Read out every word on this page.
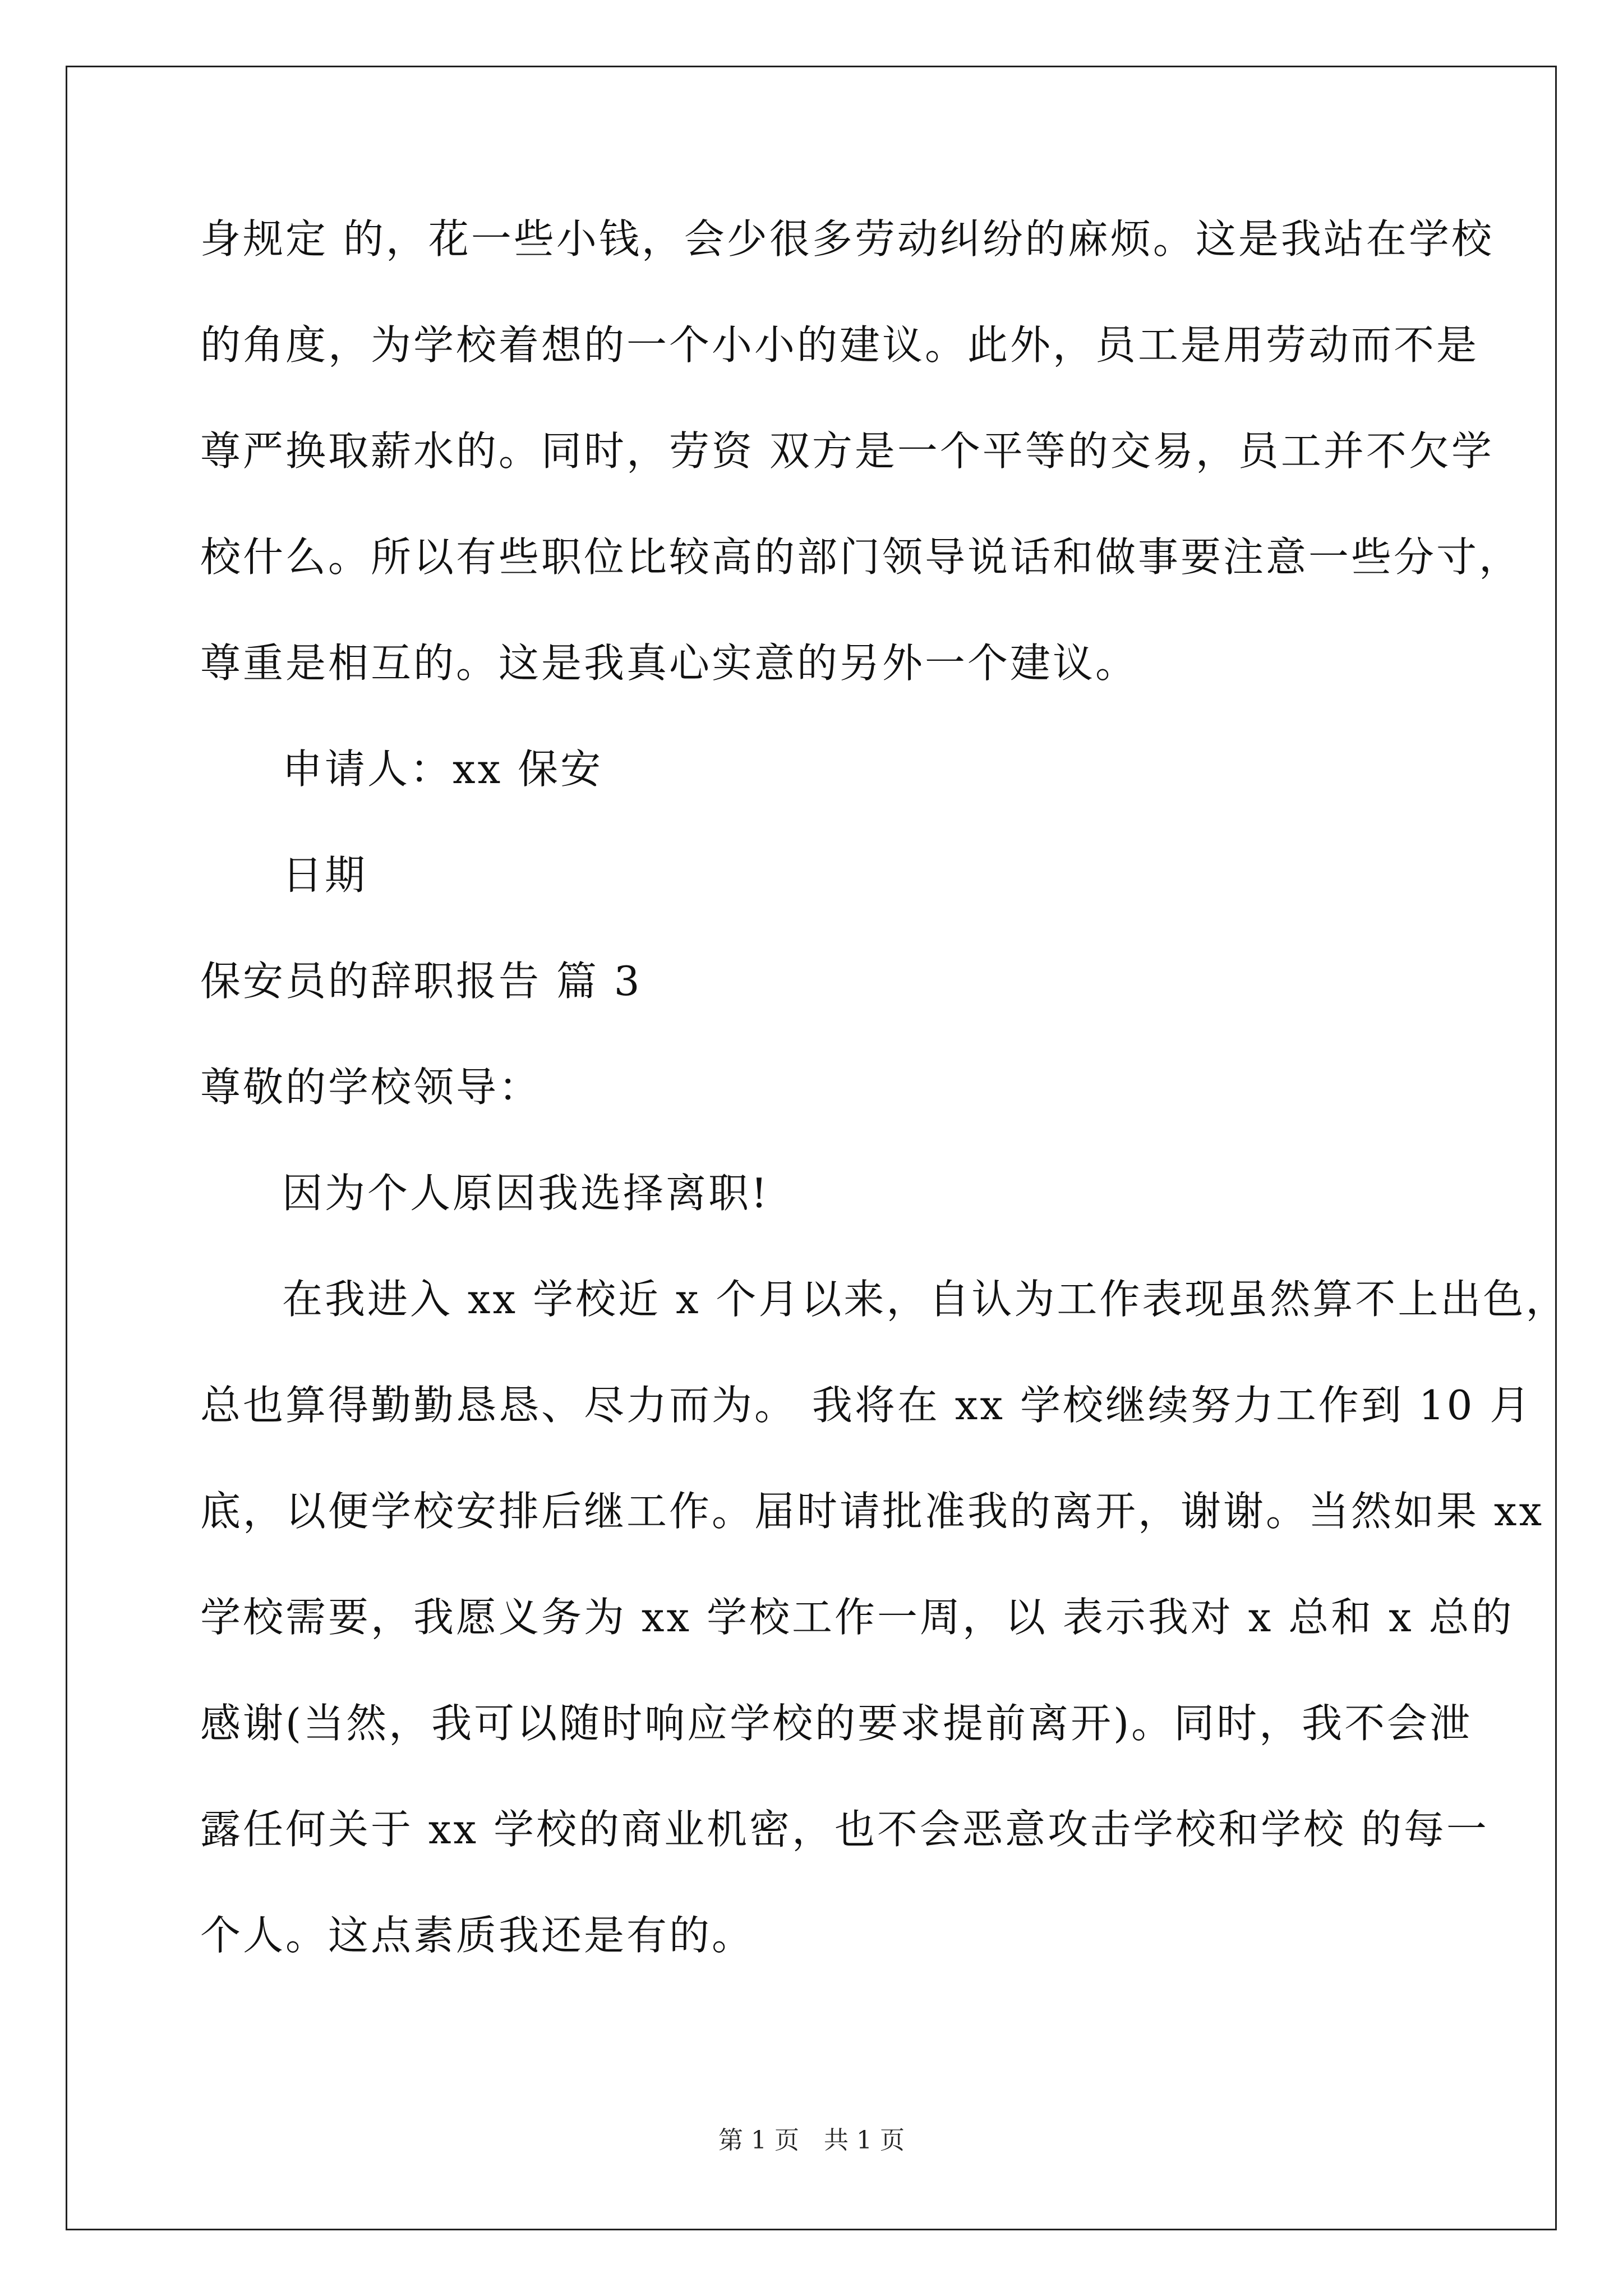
身规定 的，花一些小钱，会少很多劳动纠纷的麻烦。这是我站在学校
的角度，为学校着想的一个小小的建议。此外，员工是用劳动而不是
尊严换取薪水的。同时，劳资 双方是一个平等的交易，员工并不欠学
校什么。所以有些职位比较高的部门领导说话和做事要注意一些分寸，
尊重是相互的。这是我真心实意的另外一个建议。
申请人：xx 保安
日期
保安员的辞职报告 篇 3
尊敬的学校领导：
因为个人原因我选择离职!
在我进入 xx 学校近 x 个月以来，自认为工作表现虽然算不上出色，
总也算得勤勤恳恳、尽力而为。 我将在 xx 学校继续努力工作到 10 月
底，以便学校安排后继工作。届时请批准我的离开，谢谢。当然如果 xx
学校需要，我愿义务为 xx 学校工作一周，以 表示我对 x 总和 x 总的
感谢(当然，我可以随时响应学校的要求提前离开)。同时，我不会泄
露任何关于 xx 学校的商业机密，也不会恶意攻击学校和学校 的每一
个人。这点素质我还是有的。
第 1 页　共 1 页
